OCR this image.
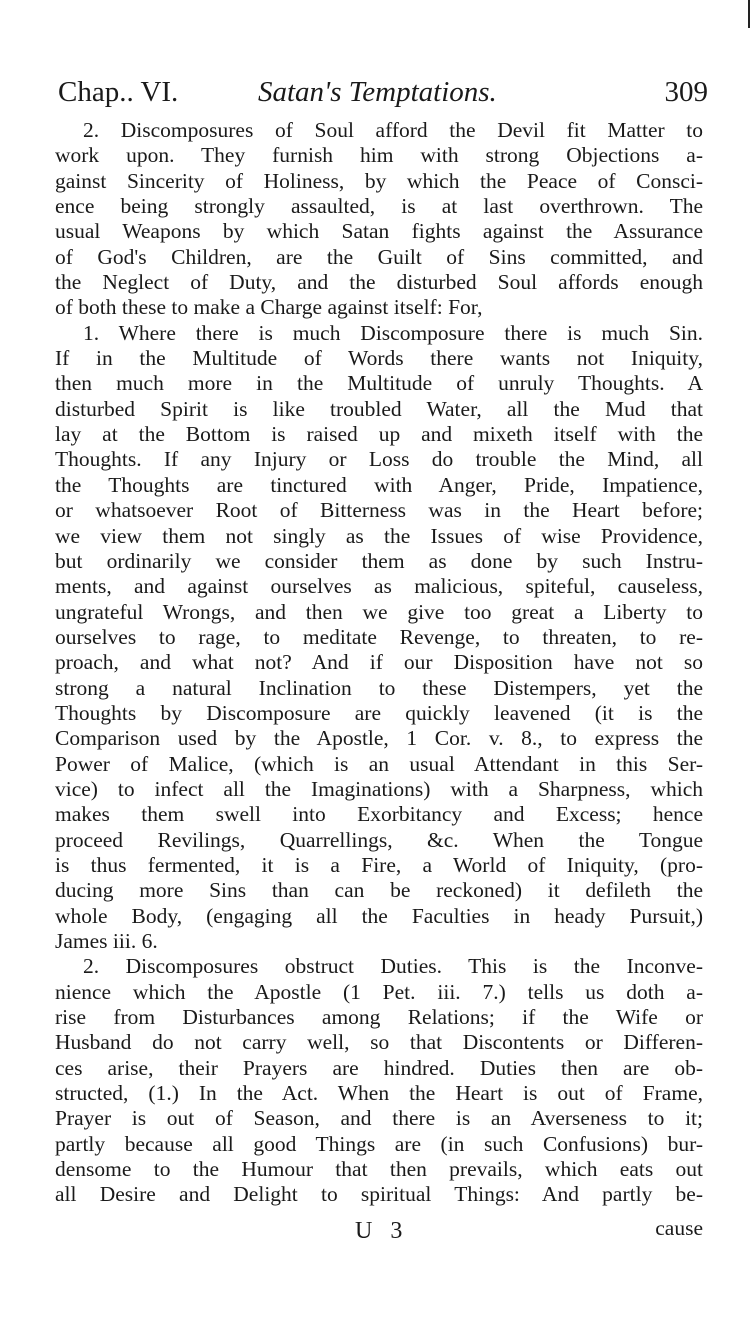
Chap.. VI.	Satan's Temptations.	309
2. Discomposures of Soul afford the Devil fit Matter to
work upon. They furnish him with strong Objections a-
gainst Sincerity of Holiness, by which the Peace of Consci-
ence being strongly assaulted, is at last overthrown. The
usual Weapons by which Satan fights against the Assurance
of God's Children, are the Guilt of Sins committed, and
the Neglect of Duty, and the disturbed Soul affords enough
of both these to make a Charge against itself: For,
1. Where there is much Discomposure there is much Sin.
If in the Multitude of Words there wants not Iniquity,
then much more in the Multitude of unruly Thoughts. A
disturbed Spirit is like troubled Water, all the Mud that
lay at the Bottom is raised up and mixeth itself with the
Thoughts. If any Injury or Loss do trouble the Mind, all
the Thoughts are tinctured with Anger, Pride, Impatience,
or whatsoever Root of Bitterness was in the Heart before;
we view them not singly as the Issues of wise Providence,
but ordinarily we consider them as done by such Instru-
ments, and against ourselves as malicious, spiteful, causeless,
ungrateful Wrongs, and then we give too great a Liberty to
ourselves to rage, to meditate Revenge, to threaten, to re-
proach, and what not? And if our Disposition have not so
strong a natural Inclination to these Distempers, yet the
Thoughts by Discomposure are quickly leavened (it is the
Comparison used by the Apostle, 1 Cor. v. 8., to express the
Power of Malice, (which is an usual Attendant in this Ser-
vice) to infect all the Imaginations) with a Sharpness, which
makes them swell into Exorbitancy and Excess; hence
proceed Revilings, Quarrellings, &c. When the Tongue
is thus fermented, it is a Fire, a World of Iniquity, (pro-
ducing more Sins than can be reckoned) it defileth the
whole Body, (engaging all the Faculties in heady Pursuit,)
James iii. 6.
2. Discomposures obstruct Duties. This is the Inconve-
nience which the Apostle (1 Pet. iii. 7.) tells us doth a-
rise from Disturbances among Relations; if the Wife or
Husband do not carry well, so that Discontents or Differen-
ces arise, their Prayers are hindred. Duties then are ob-
structed, (1.) In the Act. When the Heart is out of Frame,
Prayer is out of Season, and there is an Averseness to it;
partly because all good Things are (in such Confusions) bur-
densome to the Humour that then prevails, which eats out
all Desire and Delight to spiritual Things: And partly be-
U 3	cause
